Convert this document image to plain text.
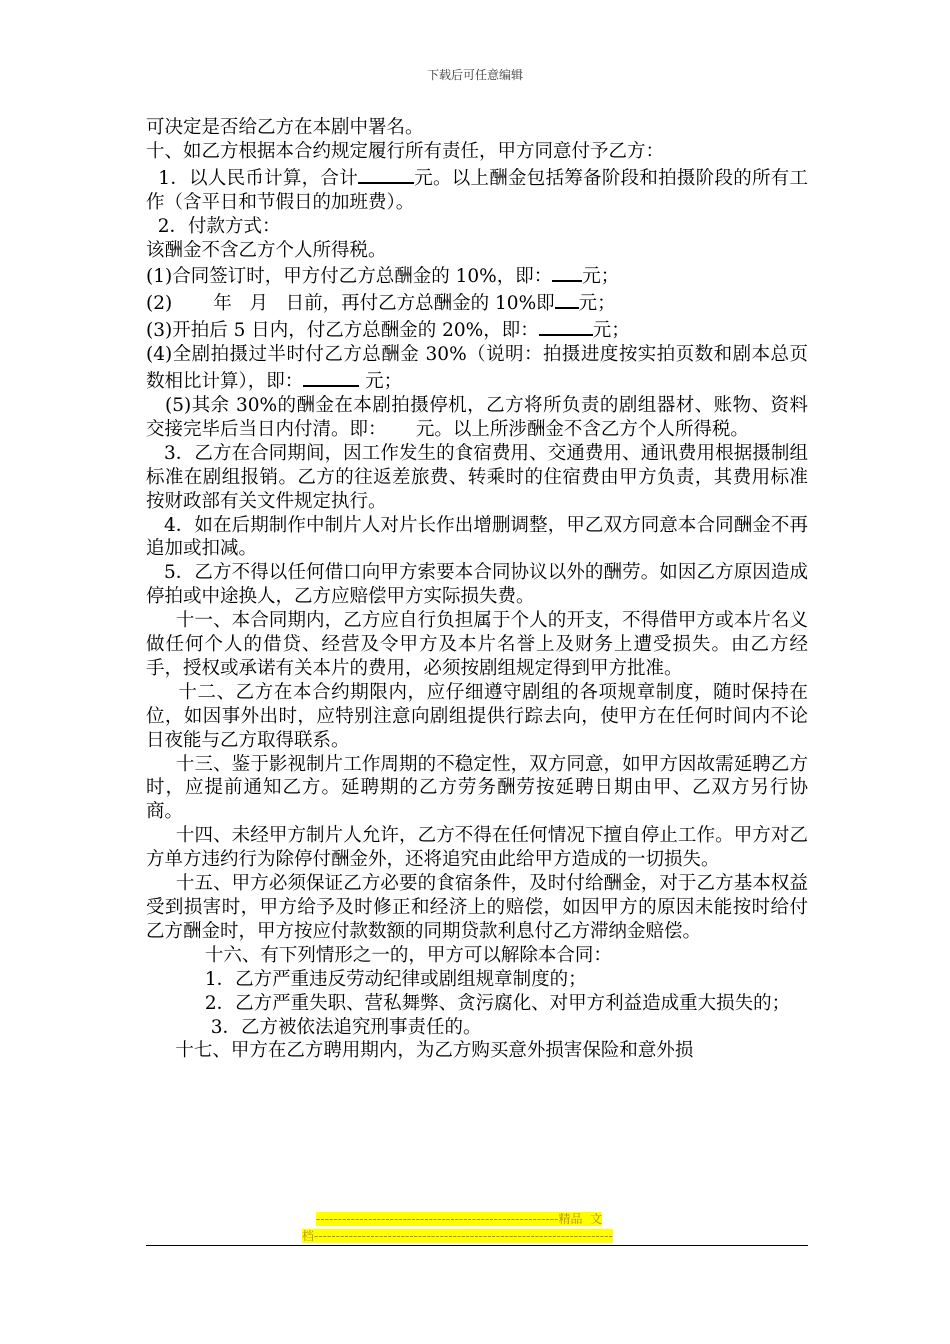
下载后可任意编辑

可决定是否给乙方在本剧中署名。

十、如乙方根据本合约规定履行所有责任，甲方同意付予乙方：

1．以人民币计算，合计	元。以上酬金包括筹备阶段和拍摄阶段的所有工作（含平日和节假日的加班费）。

2．付款方式：

该酬金不含乙方个人所得税。

(1)合同签订时，甲方付乙方总酬金的 10%，即： 元；

(2)       年   月   日前，再付乙方总酬金的 10%即 元；

(3)开拍后 5 日内，付乙方总酬金的 20%，即：	元；

(4)全剧拍摄过半时付乙方总酬金 30%（说明：拍摄进度按实拍页数和剧本总页数相比计算），即：	元；

(5)其余 30%的酬金在本剧拍摄停机，乙方将所负责的剧组器材、账物、资料交接完毕后当日内付清。即：     元。以上所涉酬金不含乙方个人所得税。

3．乙方在合同期间，因工作发生的食宿费用、交通费用、通讯费用根据摄制组标准在剧组报销。乙方的往返差旅费、转乘时的住宿费由甲方负责，其费用标准按财政部有关文件规定执行。

4．如在后期制作中制片人对片长作出增删调整，甲乙双方同意本合同酬金不再追加或扣减。

5．乙方不得以任何借口向甲方索要本合同协议以外的酬劳。如因乙方原因造成停拍或中途换人，乙方应赔偿甲方实际损失费。

十一、本合同期内，乙方应自行负担属于个人的开支，不得借甲方或本片名义做任何个人的借贷、经营及令甲方及本片名誉上及财务上遭受损失。由乙方经手，授权或承诺有关本片的费用，必须按剧组规定得到甲方批准。

十二、乙方在本合约期限内，应仔细遵守剧组的各项规章制度，随时保持在位，如因事外出时，应特别注意向剧组提供行踪去向，使甲方在任何时间内不论日夜能与乙方取得联系。

十三、鉴于影视制片工作周期的不稳定性，双方同意，如甲方因故需延聘乙方时，应提前通知乙方。延聘期的乙方劳务酬劳按延聘日期由甲、乙双方另行协商。

十四、未经甲方制片人允许，乙方不得在任何情况下擅自停止工作。甲方对乙方单方违约行为除停付酬金外，还将追究由此给甲方造成的一切损失。

十五、甲方必须保证乙方必要的食宿条件，及时付给酬金，对于乙方基本权益受到损害时，甲方给予及时修正和经济上的赔偿，如因甲方的原因未能按时给付乙方酬金时，甲方按应付款数额的同期贷款利息付乙方滞纳金赔偿。

十六、有下列情形之一的，甲方可以解除本合同：

1．乙方严重违反劳动纪律或剧组规章制度的；

2．乙方严重失职、营私舞弊、贪污腐化、对甲方利益造成重大损失的；

3．乙方被依法追究刑事责任的。

十七、甲方在乙方聘用期内，为乙方购买意外损害保险和意外损

--------------------------------------------------------精品  文
档---------------------------------------------------------------------
